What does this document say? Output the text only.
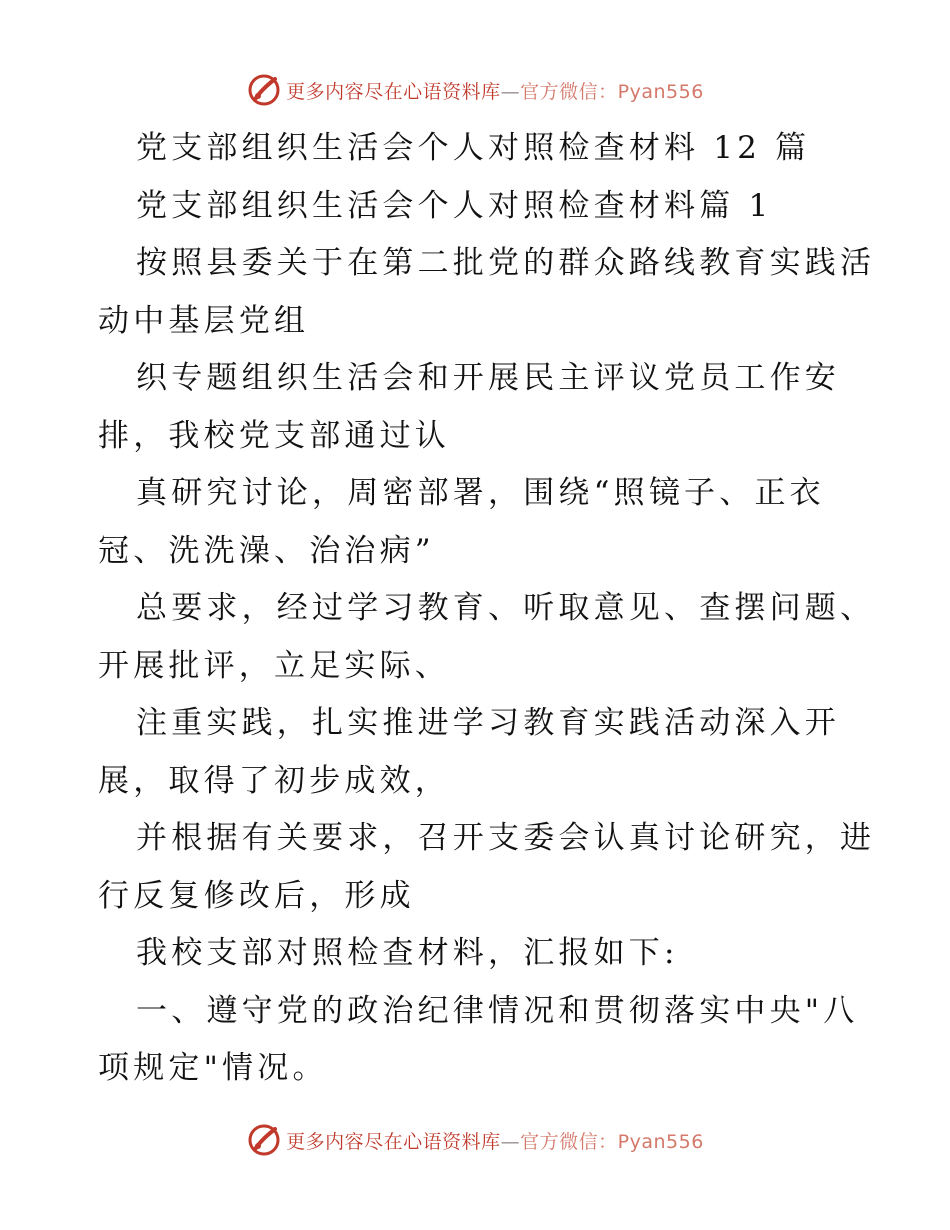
更多内容尽在心语资料库—官方微信：Pyan556
党支部组织生活会个人对照检查材料 12 篇
党支部组织生活会个人对照检查材料篇 1
按照县委关于在第二批党的群众路线教育实践活
动中基层党组
织专题组织生活会和开展民主评议党员工作安
排，我校党支部通过认
真研究讨论，周密部署，围绕“照镜子、正衣
冠、洗洗澡、治治病”
总要求，经过学习教育、听取意见、查摆问题、
开展批评，立足实际、
注重实践，扎实推进学习教育实践活动深入开
展，取得了初步成效，
并根据有关要求，召开支委会认真讨论研究，进
行反复修改后，形成
我校支部对照检查材料，汇报如下:
一、遵守党的政治纪律情况和贯彻落实中央"八
项规定"情况。
更多内容尽在心语资料库—官方微信：Pyan556
